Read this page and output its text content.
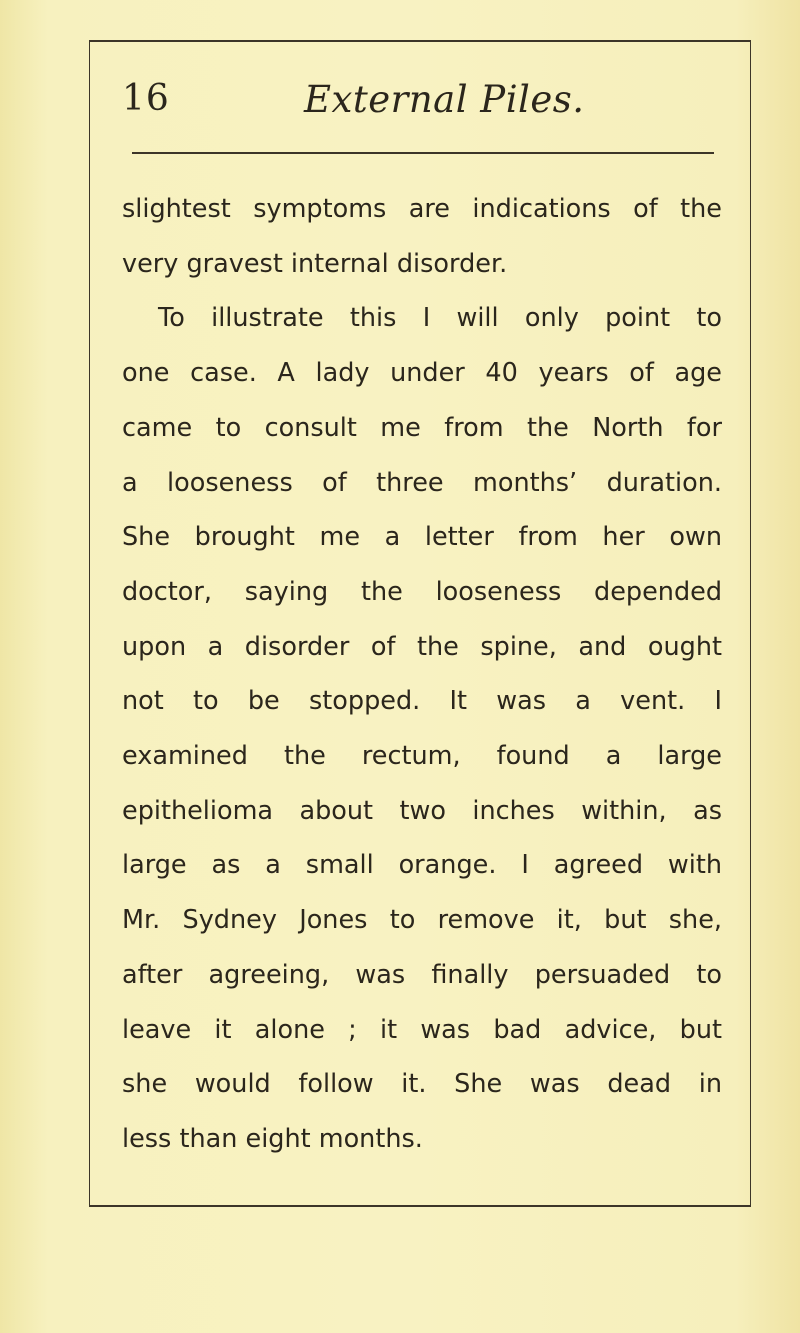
16	External Piles.
slightest symptoms are indications of the
very gravest internal disorder.
To illustrate this I will only point to
one case. A lady under 40 years of age
came to consult me from the North for
a looseness of three months’ duration.
She brought me a letter from her own
doctor, saying the looseness depended
upon a disorder of the spine, and ought
not to be stopped. It was a vent. I
examined the rectum, found a large
epithelioma about two inches within, as
large as a small orange. I agreed with
Mr. Sydney Jones to remove it, but she,
after agreeing, was finally persuaded to
leave it alone ; it was bad advice, but
she would follow it. She was dead in
less than eight months.
